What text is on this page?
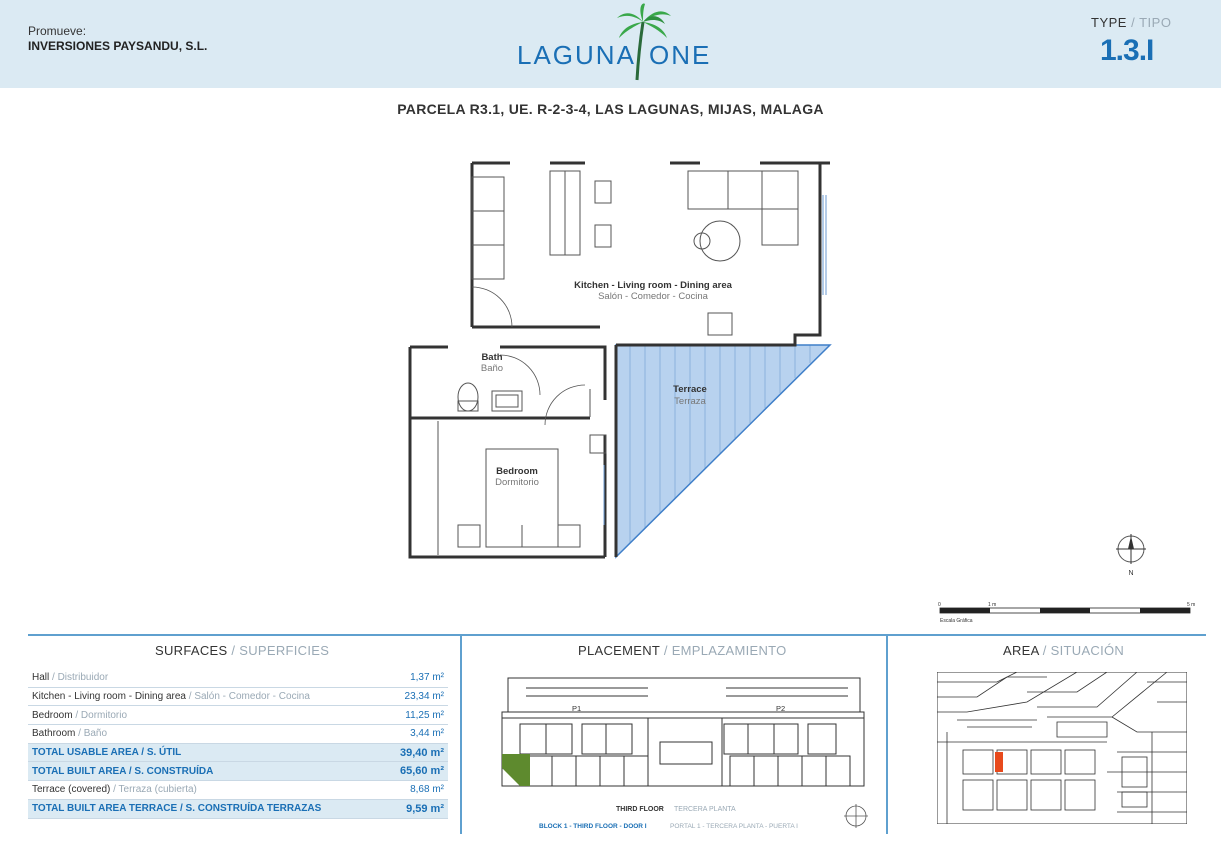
Promueve:
INVERSIONES PAYSANDU, S.L.	LAGUNA ONE
TYPE / TIPO
1.3.I
PARCELA R3.1, UE. R-2-3-4, LAS LAGUNAS, MIJAS, MALAGA
Kitchen - Living room - Dining area
Salón - Comedor - Cocina
Bath
Baño
Terrace
Terraza
Bedroom
Dormitorio
N
0	1 m	5 m
Escala Gráfica
SURFACES / SUPERFICIES	PLACEMENT / EMPLAZAMIENTO	AREA / SITUACIÓN
Hall / Distribuidor	1,37 m²
Kitchen - Living room - Dining area / Salón - Comedor - Cocina	23,34 m²
Bedroom / Dormitorio	11,25 m²
Bathroom / Baño	3,44 m²
TOTAL USABLE AREA / S. ÚTIL	39,40 m²
TOTAL BUILT AREA / S. CONSTRUÍDA	65,60 m²
Terrace (covered) / Terraza (cubierta)	8,68 m²
TOTAL BUILT AREA TERRACE / S. CONSTRUÍDA TERRAZAS	9,59 m²
P1	P2
THIRD FLOOR TERCERA PLANTA
BLOCK 1 - THIRD FLOOR - DOOR I	PORTAL 1 - TERCERA PLANTA - PUERTA I
